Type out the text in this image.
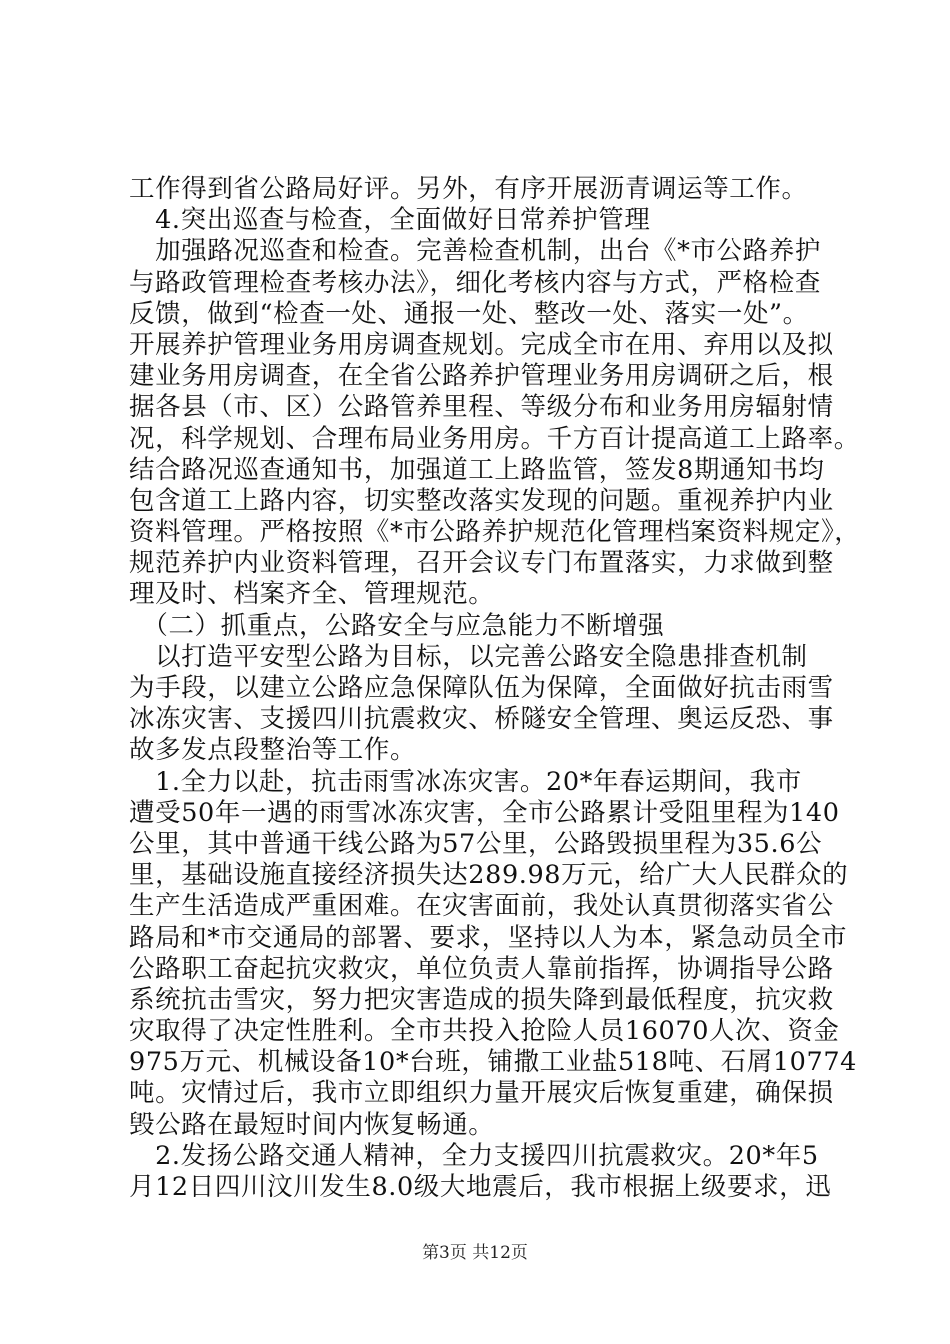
工作得到省公路局好评。另外，有序开展沥青调运等工作。
　4.突出巡查与检查，全面做好日常养护管理
　加强路况巡查和检查。完善检查机制，出台《*市公路养护
与路政管理检查考核办法》，细化考核内容与方式，严格检查
反馈，做到“检查一处、通报一处、整改一处、落实一处”。
开展养护管理业务用房调查规划。完成全市在用、弃用以及拟
建业务用房调查，在全省公路养护管理业务用房调研之后，根
据各县（市、区）公路管养里程、等级分布和业务用房辐射情
况，科学规划、合理布局业务用房。千方百计提高道工上路率。
结合路况巡查通知书，加强道工上路监管，签发8期通知书均
包含道工上路内容，切实整改落实发现的问题。重视养护内业
资料管理。严格按照《*市公路养护规范化管理档案资料规定》，
规范养护内业资料管理，召开会议专门布置落实，力求做到整
理及时、档案齐全、管理规范。
　（二）抓重点，公路安全与应急能力不断增强
　以打造平安型公路为目标，以完善公路安全隐患排查机制
为手段，以建立公路应急保障队伍为保障，全面做好抗击雨雪
冰冻灾害、支援四川抗震救灾、桥隧安全管理、奥运反恐、事
故多发点段整治等工作。
　1.全力以赴，抗击雨雪冰冻灾害。20*年春运期间，我市
遭受50年一遇的雨雪冰冻灾害，全市公路累计受阻里程为140
公里，其中普通干线公路为57公里，公路毁损里程为35.6公
里，基础设施直接经济损失达289.98万元，给广大人民群众的
生产生活造成严重困难。在灾害面前，我处认真贯彻落实省公
路局和*市交通局的部署、要求，坚持以人为本，紧急动员全市
公路职工奋起抗灾救灾，单位负责人靠前指挥，协调指导公路
系统抗击雪灾，努力把灾害造成的损失降到最低程度，抗灾救
灾取得了决定性胜利。全市共投入抢险人员16070人次、资金
975万元、机械设备10*台班，铺撒工业盐518吨、石屑10774
吨。灾情过后，我市立即组织力量开展灾后恢复重建，确保损
毁公路在最短时间内恢复畅通。
　2.发扬公路交通人精神，全力支援四川抗震救灾。20*年5
月12日四川汶川发生8.0级大地震后，我市根据上级要求，迅
第3页 共12页
